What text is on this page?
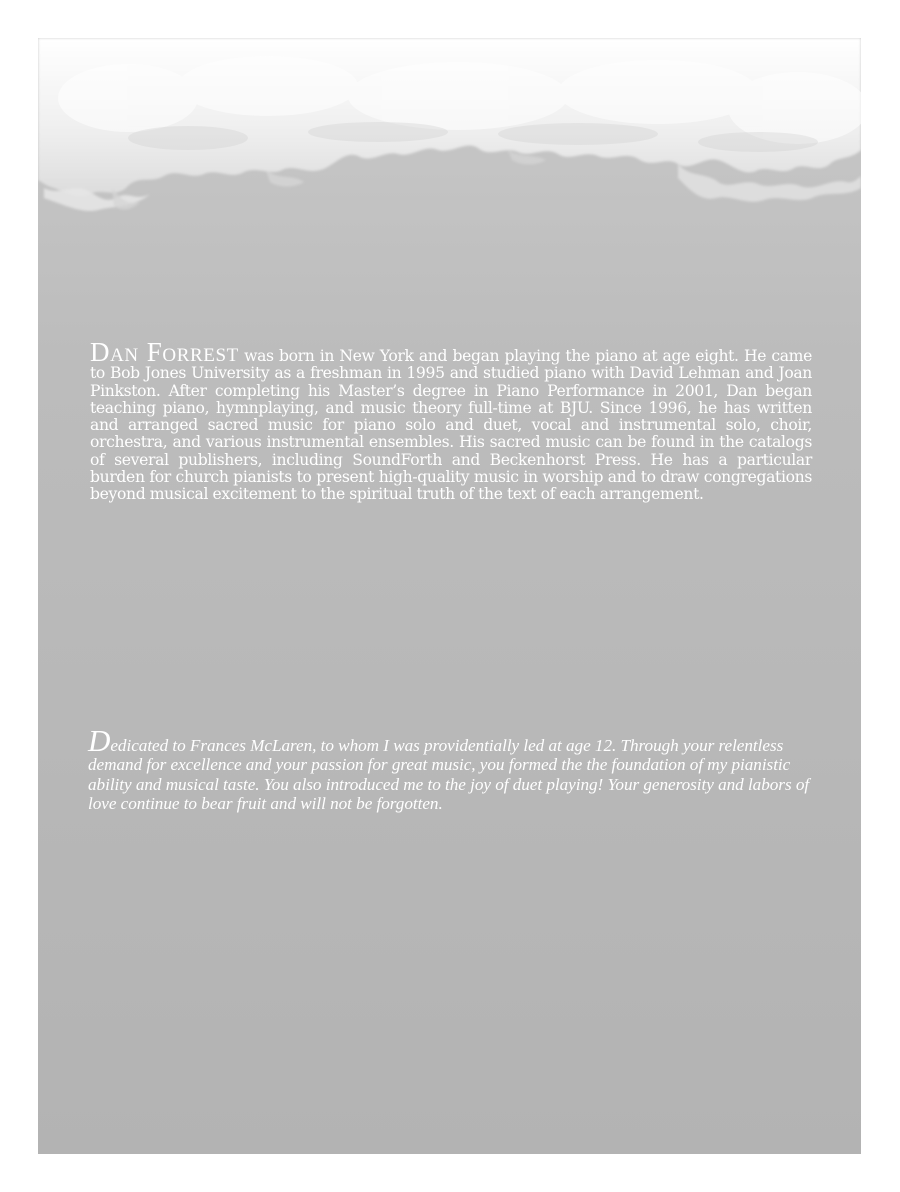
Dan Forrest was born in New York and began playing the piano at age eight. He came to Bob Jones University as a freshman in 1995 and studied piano with David Lehman and Joan Pinkston. After completing his Master’s degree in Piano Performance in 2001, Dan began teaching piano, hymnplaying, and music theory full-time at BJU. Since 1996, he has written and arranged sacred music for piano solo and duet, vocal and instrumental solo, choir, orchestra, and various instrumental ensembles. His sacred music can be found in the catalogs of several publishers, including SoundForth and Beckenhorst Press. He has a particular burden for church pianists to present high-quality music in worship and to draw congregations beyond musical excitement to the spiritual truth of the text of each arrangement.

Dedicated to Frances McLaren, to whom I was providentially led at age 12. Through your relentless demand for excellence and your passion for great music, you formed the the foundation of my pianistic ability and musical taste. You also introduced me to the joy of duet playing! Your generosity and labors of love continue to bear fruit and will not be forgotten.
